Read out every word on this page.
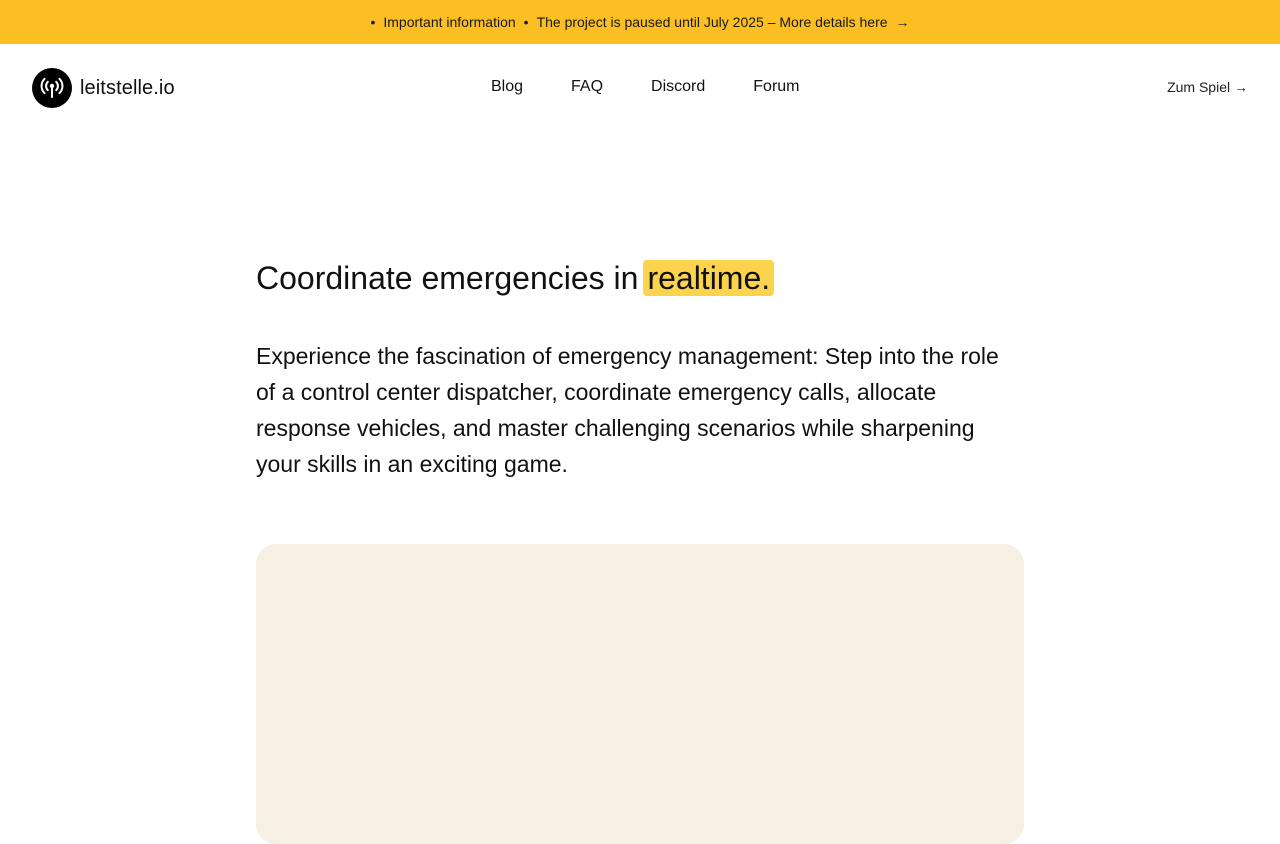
• Important information • The project is paused until July 2025 – More details here →
leitstelle.io	Blog	FAQ	Discord	Forum	Zum Spiel →
Coordinate emergencies in realtime.

Experience the fascination of emergency management: Step into the role of a control center dispatcher, coordinate emergency calls, allocate response vehicles, and master challenging scenarios while sharpening your skills in an exciting game.
